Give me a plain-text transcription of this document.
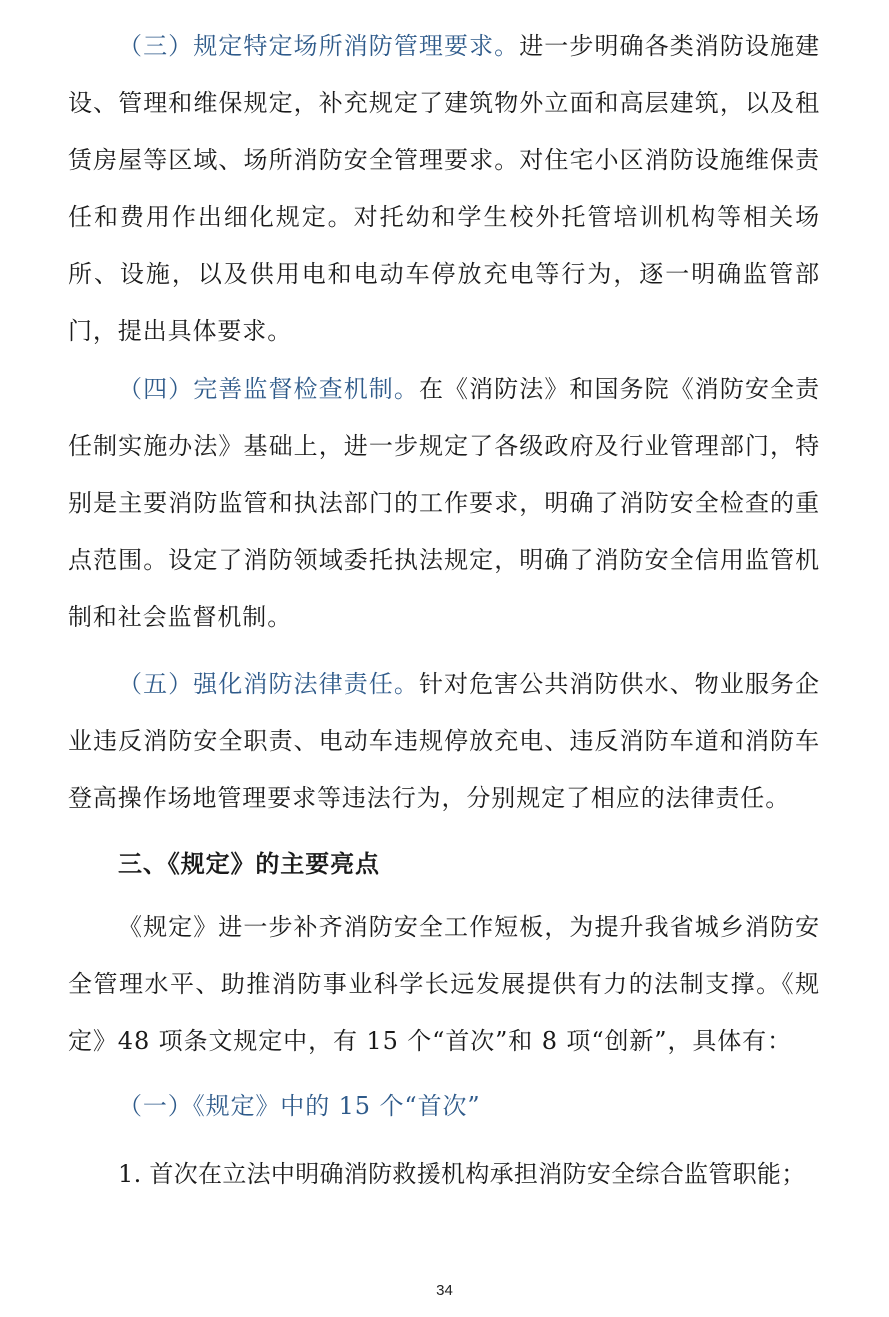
（三）规定特定场所消防管理要求。进一步明确各类消防设施建设、管理和维保规定，补充规定了建筑物外立面和高层建筑，以及租赁房屋等区域、场所消防安全管理要求。对住宅小区消防设施维保责任和费用作出细化规定。对托幼和学生校外托管培训机构等相关场所、设施，以及供用电和电动车停放充电等行为，逐一明确监管部门，提出具体要求。

（四）完善监督检查机制。在《消防法》和国务院《消防安全责任制实施办法》基础上，进一步规定了各级政府及行业管理部门，特别是主要消防监管和执法部门的工作要求，明确了消防安全检查的重点范围。设定了消防领域委托执法规定，明确了消防安全信用监管机制和社会监督机制。

（五）强化消防法律责任。针对危害公共消防供水、物业服务企业违反消防安全职责、电动车违规停放充电、违反消防车道和消防车登高操作场地管理要求等违法行为，分别规定了相应的法律责任。

三、《规定》的主要亮点

《规定》进一步补齐消防安全工作短板，为提升我省城乡消防安全管理水平、助推消防事业科学长远发展提供有力的法制支撑。《规定》48 项条文规定中，有 15 个“首次”和 8 项“创新”，具体有：

（一）《规定》中的 15 个“首次”

1. 首次在立法中明确消防救援机构承担消防安全综合监管职能；

34
